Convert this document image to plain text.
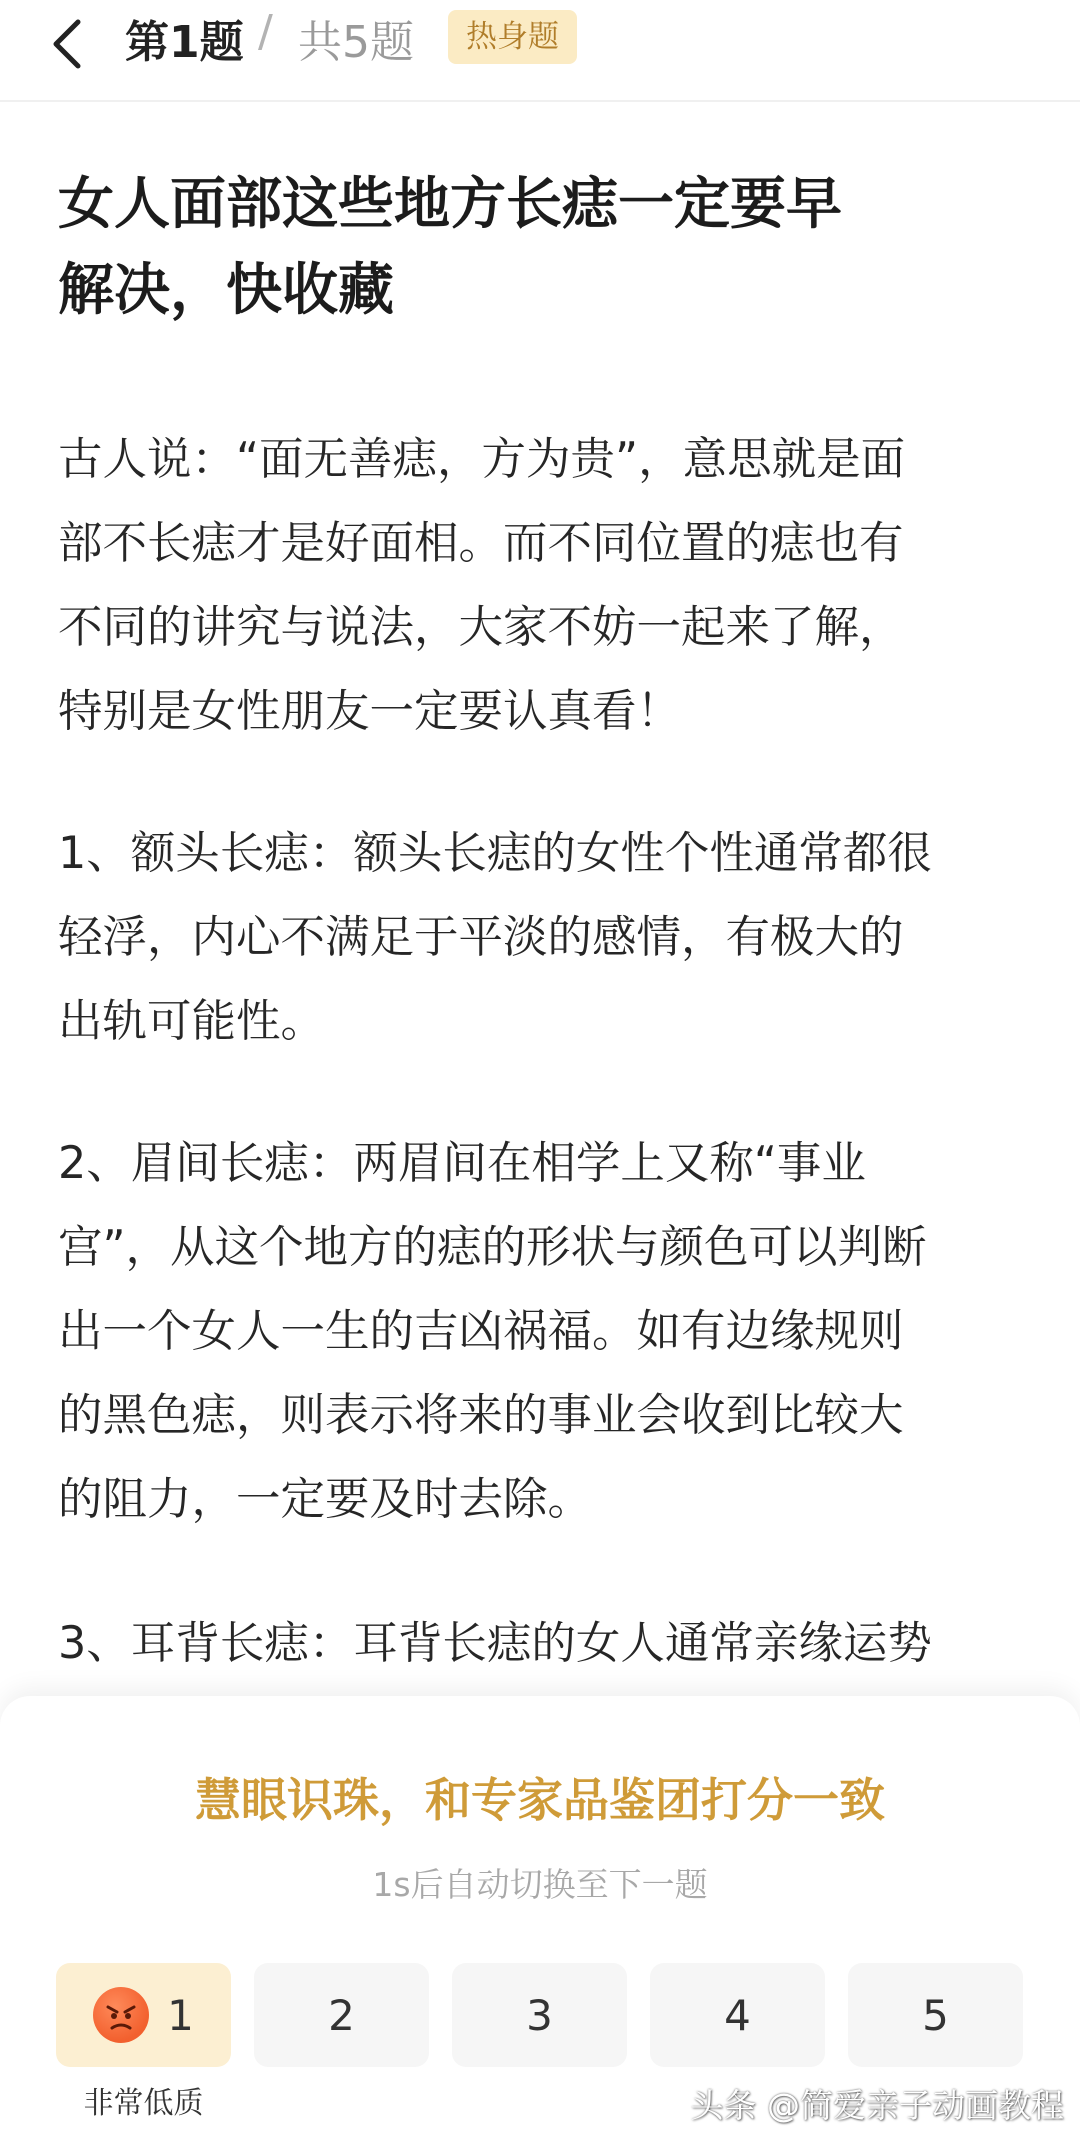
第1题 / 共5题	热身题
女人面部这些地方长痣一定要早
解决，快收藏
古人说：“面无善痣，方为贵”，意思就是面
部不长痣才是好面相。而不同位置的痣也有
不同的讲究与说法，大家不妨一起来了解，
特别是女性朋友一定要认真看！
1、额头长痣：额头长痣的女性个性通常都很
轻浮，内心不满足于平淡的感情，有极大的
出轨可能性。
2、眉间长痣：两眉间在相学上又称“事业
宫”，从这个地方的痣的形状与颜色可以判断
出一个女人一生的吉凶祸福。如有边缘规则
的黑色痣，则表示将来的事业会收到比较大
的阻力，一定要及时去除。
3、耳背长痣：耳背长痣的女人通常亲缘运势
慧眼识珠，和专家品鉴团打分一致
1s后自动切换至下一题
1	2	3	4	5
非常低质	头条 @简爱亲子动画教程
